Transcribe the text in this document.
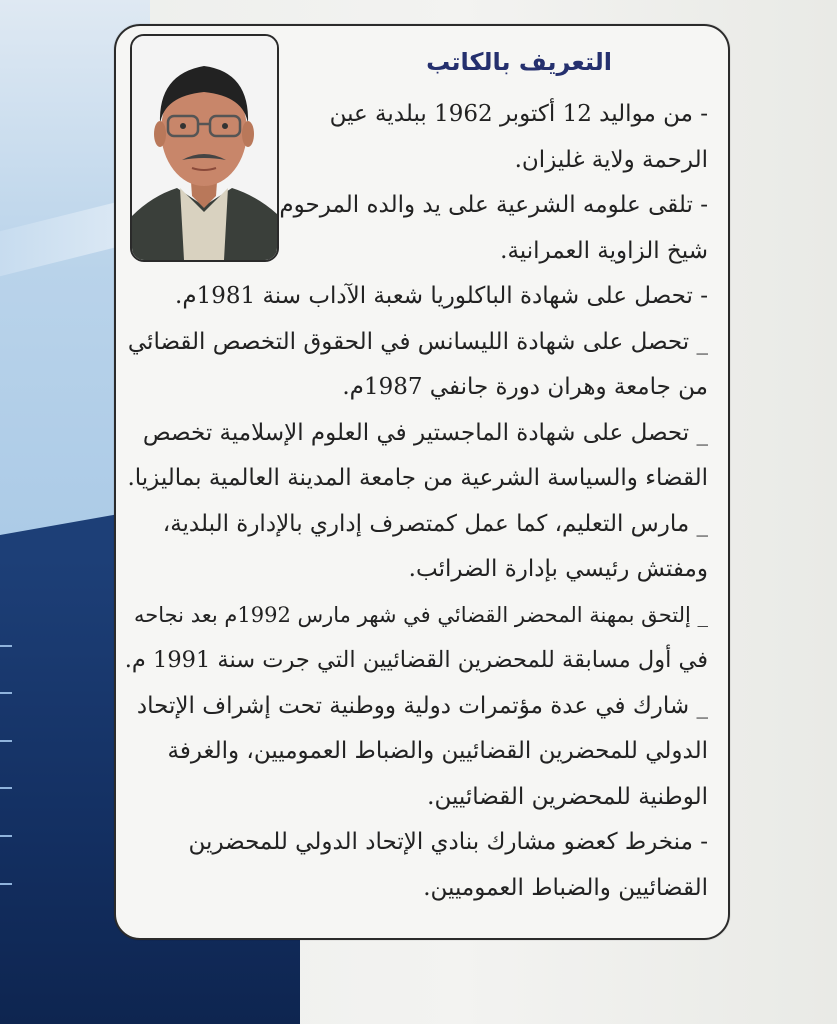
التعريف بالكاتب

- من مواليد 12 أكتوبر 1962 ببلدية عين

الرحمة ولاية غليزان.

- تلقى علومه الشرعية على يد والده المرحوم

شيخ الزاوية العمرانية.

- تحصل على شهادة الباكلوريا شعبة الآداب سنة 1981م.

_ تحصل على شهادة الليسانس في الحقوق التخصص القضائي

من جامعة وهران دورة جانفي 1987م.

_ تحصل على شهادة الماجستير في العلوم الإسلامية تخصص

القضاء والسياسة الشرعية من جامعة المدينة العالمية بماليزيا.

_ مارس التعليم، كما عمل كمتصرف إداري بالإدارة البلدية،

ومفتش رئيسي بإدارة الضرائب.

_ إلتحق بمهنة المحضر القضائي في شهر مارس 1992م بعد نجاحه

في أول مسابقة للمحضرين القضائيين التي جرت سنة 1991 م.

_ شارك في عدة مؤتمرات دولية ووطنية تحت إشراف الإتحاد

الدولي للمحضرين القضائيين والضباط العموميين، والغرفة

الوطنية للمحضرين القضائيين.

- منخرط كعضو مشارك بنادي الإتحاد الدولي للمحضرين

القضائيين والضباط العموميين.
